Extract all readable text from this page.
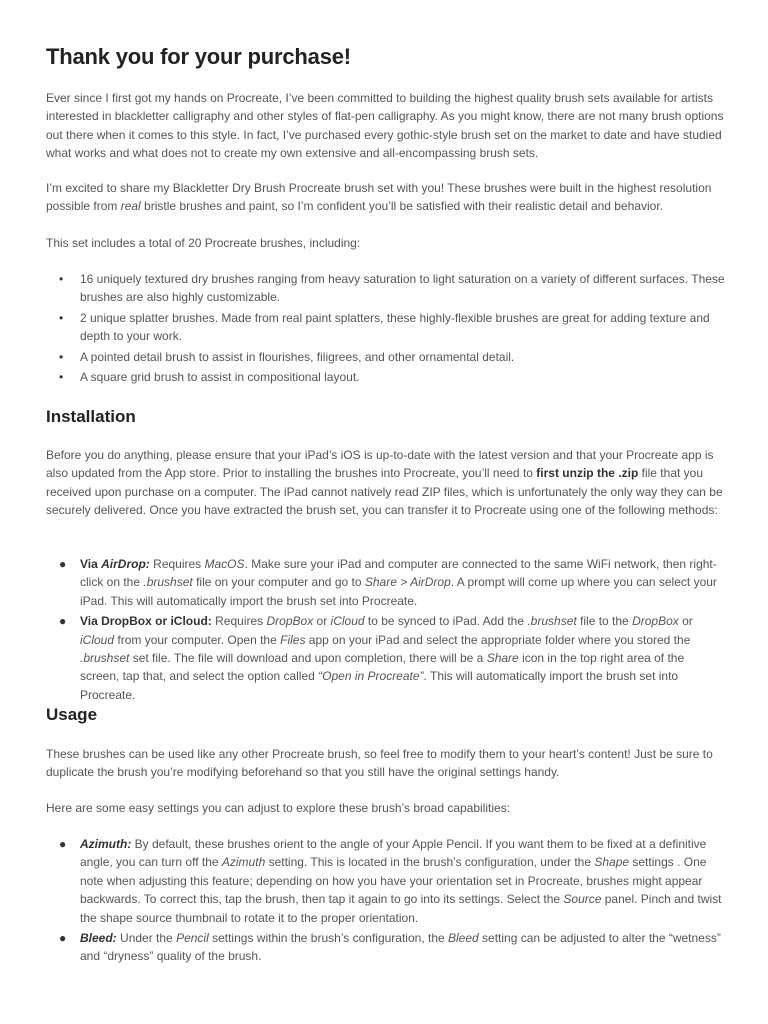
Thank you for your purchase!

Ever since I first got my hands on Procreate, I’ve been committed to building the highest quality brush sets available for artists interested in blackletter calligraphy and other styles of flat-pen calligraphy. As you might know, there are not many brush options out there when it comes to this style. In fact, I’ve purchased every gothic-style brush set on the market to date and have studied what works and what does not to create my own extensive and all-encompassing brush sets.

I’m excited to share my Blackletter Dry Brush Procreate brush set with you! These brushes were built in the highest resolution possible from real bristle brushes and paint, so I’m confident you’ll be satisfied with their realistic detail and behavior.

This set includes a total of 20 Procreate brushes, including:

• 16 uniquely textured dry brushes ranging from heavy saturation to light saturation on a variety of different surfaces. These brushes are also highly customizable.
• 2 unique splatter brushes. Made from real paint splatters, these highly-flexible brushes are great for adding texture and depth to your work.
• A pointed detail brush to assist in flourishes, filigrees, and other ornamental detail.
• A square grid brush to assist in compositional layout.
Installation

Before you do anything, please ensure that your iPad’s iOS is up-to-date with the latest version and that your Procreate app is also updated from the App store. Prior to installing the brushes into Procreate, you’ll need to first unzip the .zip file that you received upon purchase on a computer. The iPad cannot natively read ZIP files, which is unfortunately the only way they can be securely delivered. Once you have extracted the brush set, you can transfer it to Procreate using one of the following methods:

● Via AirDrop: Requires MacOS. Make sure your iPad and computer are connected to the same WiFi network, then right-click on the .brushset file on your computer and go to Share > AirDrop. A prompt will come up where you can select your iPad. This will automatically import the brush set into Procreate.
● Via DropBox or iCloud: Requires DropBox or iCloud to be synced to iPad. Add the .brushset file to the DropBox or iCloud from your computer. Open the Files app on your iPad and select the appropriate folder where you stored the .brushset set file. The file will download and upon completion, there will be a Share icon in the top right area of the screen, tap that, and select the option called “Open in Procreate”. This will automatically import the brush set into Procreate.
Usage

These brushes can be used like any other Procreate brush, so feel free to modify them to your heart’s content! Just be sure to duplicate the brush you’re modifying beforehand so that you still have the original settings handy.

Here are some easy settings you can adjust to explore these brush’s broad capabilities:

● Azimuth: By default, these brushes orient to the angle of your Apple Pencil. If you want them to be fixed at a definitive angle, you can turn off the Azimuth setting. This is located in the brush’s configuration, under the Shape settings . One note when adjusting this feature; depending on how you have your orientation set in Procreate, brushes might appear backwards. To correct this, tap the brush, then tap it again to go into its settings. Select the Source panel. Pinch and twist the shape source thumbnail to rotate it to the proper orientation.
● Bleed: Under the Pencil settings within the brush’s configuration, the Bleed setting can be adjusted to alter the “wetness” and “dryness” quality of the brush.
